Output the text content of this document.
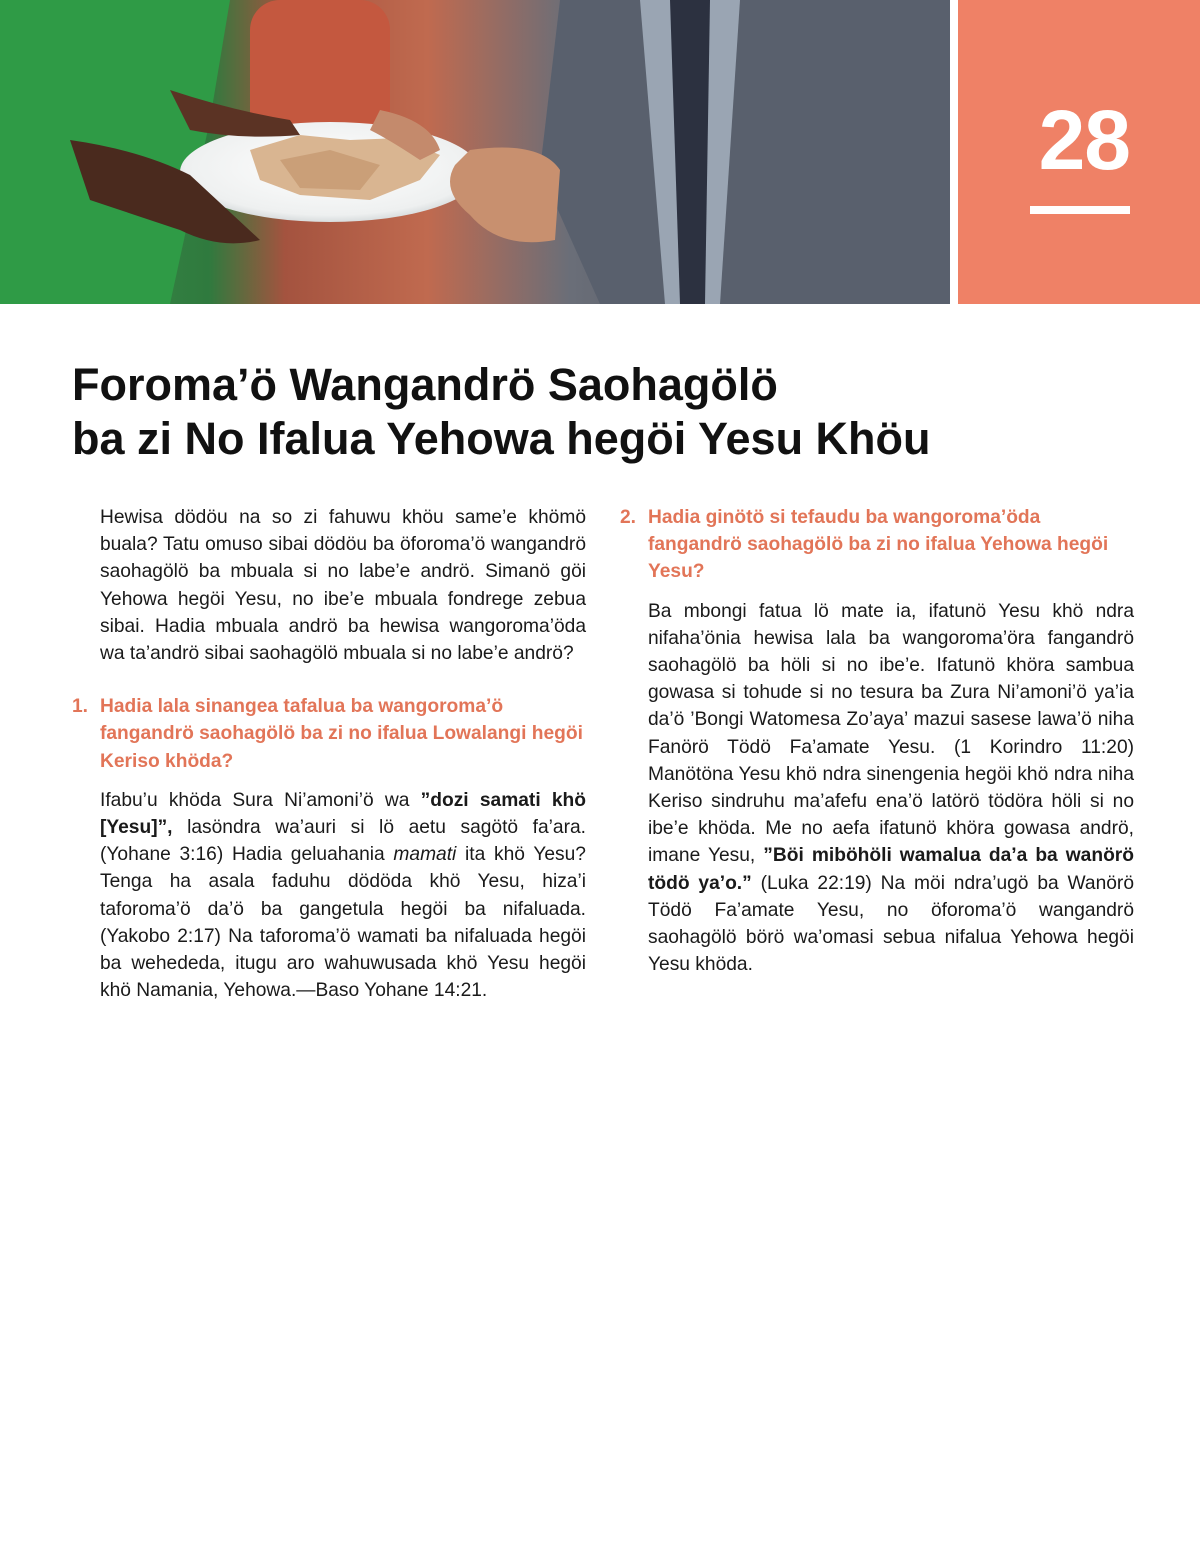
28
Foroma’ö Wangandrö Saohagölö
ba zi No Ifalua Yehowa hegöi Yesu Khöu

Hewisa dödöu na so zi fahuwu khöu same’e khömö buala? Tatu omuso sibai dödöu ba öforoma’ö wangandrö saohagölö ba mbuala si no labe’e andrö. Simanö göi Yehowa hegöi Yesu, no ibe’e mbuala fondrege zebua sibai. Hadia mbuala andrö ba hewisa wangoroma’öda wa ta’andrö sibai saohagölö mbuala si no labe’e andrö?

1. Hadia lala sinangea tafalua ba wangoroma’ö fangandrö saohagölö ba zi no ifalua Lowalangi hegöi Keriso khöda?

Ifabu’u khöda Sura Ni’amoni’ö wa ”dozi samati khö [Yesu]”, lasöndra wa’auri si lö aetu sagötö fa’ara. (Yohane 3:16) Hadia geluahania mamati ita khö Yesu? Tenga ha asala faduhu dödöda khö Yesu, hiza’i taforoma’ö da’ö ba gangetula hegöi ba nifaluada. (Yakobo 2:17) Na taforoma’ö wamati ba nifaluada hegöi ba wehededa, itugu aro wahuwusada khö Yesu hegöi khö Namania, Yehowa.—Baso Yohane 14:21.

2. Hadia ginötö si tefaudu ba wangoroma’öda fangandrö saohagölö ba zi no ifalua Yehowa hegöi Yesu?

Ba mbongi fatua lö mate ia, ifatunö Yesu khö ndra nifaha’önia hewisa lala ba wangoroma’öra fangandrö saohagölö ba höli si no ibe’e. Ifatunö khöra sambua gowasa si tohude si no tesura ba Zura Ni’amoni’ö ya’ia da’ö ’Bongi Watomesa Zo’aya’ mazui sasese lawa’ö niha Fanörö Tödö Fa’amate Yesu. (1 Korindro 11:20) Manötöna Yesu khö ndra sinengenia hegöi khö ndra niha Keriso sindruhu ma’afefu ena’ö latörö tödöra höli si no ibe’e khöda. Me no aefa ifatunö khöra gowasa andrö, imane Yesu, ”Böi miböhöli wamalua da’a ba wanörö tödö ya’o.” (Luka 22:19) Na möi ndra’ugö ba Wanörö Tödö Fa’amate Yesu, no öforoma’ö wangandrö saohagölö börö wa’omasi sebua nifalua Yehowa hegöi Yesu khöda.
